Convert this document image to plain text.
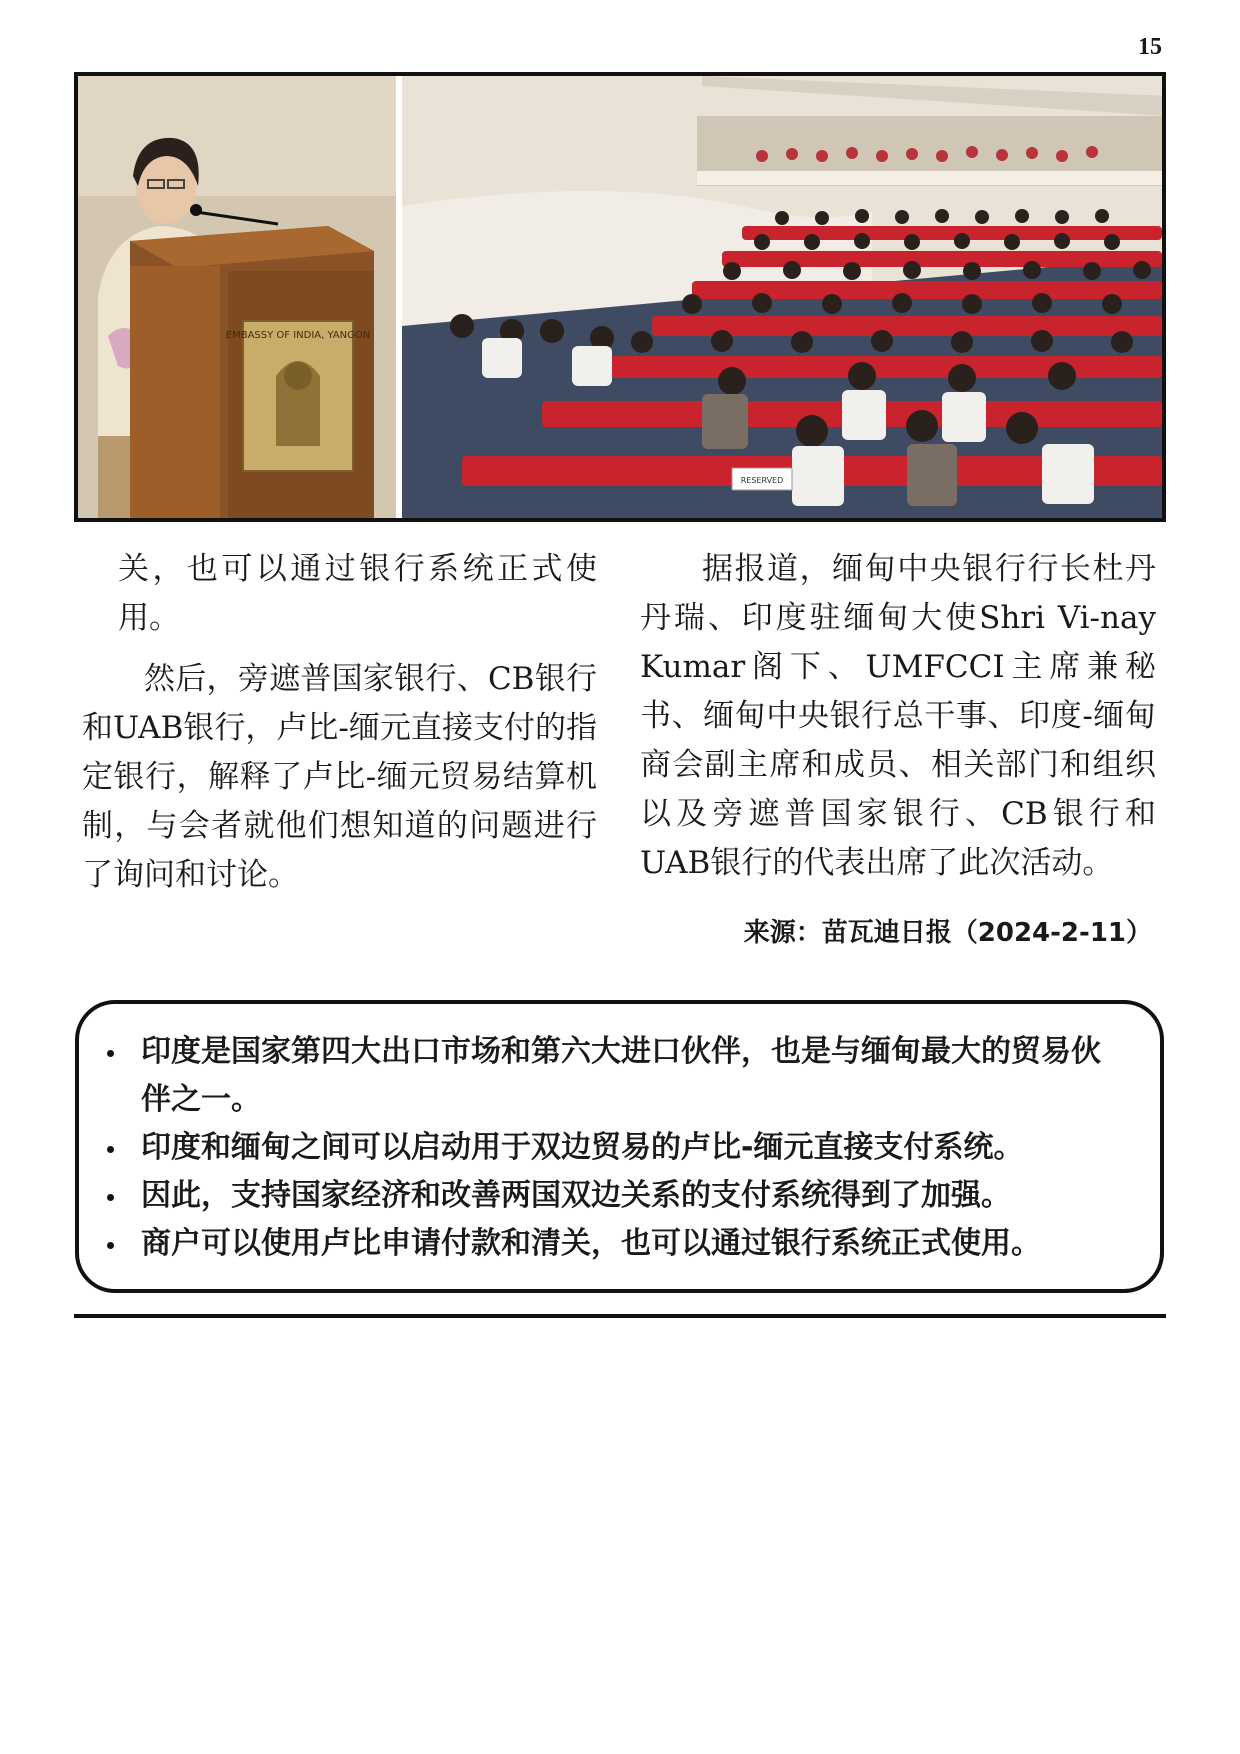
15
EMBASSY OF INDIA, YANGON
RESERVED

关，也可以通过银行系统正式使用。

然后，旁遮普国家银行、CB银行和UAB银行，卢比-缅元直接支付的指定银行，解释了卢比-缅元贸易结算机制，与会者就他们想知道的问题进行了询问和讨论。

据报道，缅甸中央银行行长杜丹丹瑞、印度驻缅甸大使Shri Vi-nay Kumar阁下、UMFCCI主席兼秘书、缅甸中央银行总干事、印度-缅甸商会副主席和成员、相关部门和组织以及旁遮普国家银行、CB银行和UAB银行的代表出席了此次活动。

来源：苗瓦迪日报（2024-2-11）
印度是国家第四大出口市场和第六大进口伙伴，也是与缅甸最大的贸易伙伴之一。
印度和缅甸之间可以启动用于双边贸易的卢比-缅元直接支付系统。
因此，支持国家经济和改善两国双边关系的支付系统得到了加强。
商户可以使用卢比申请付款和清关，也可以通过银行系统正式使用。
